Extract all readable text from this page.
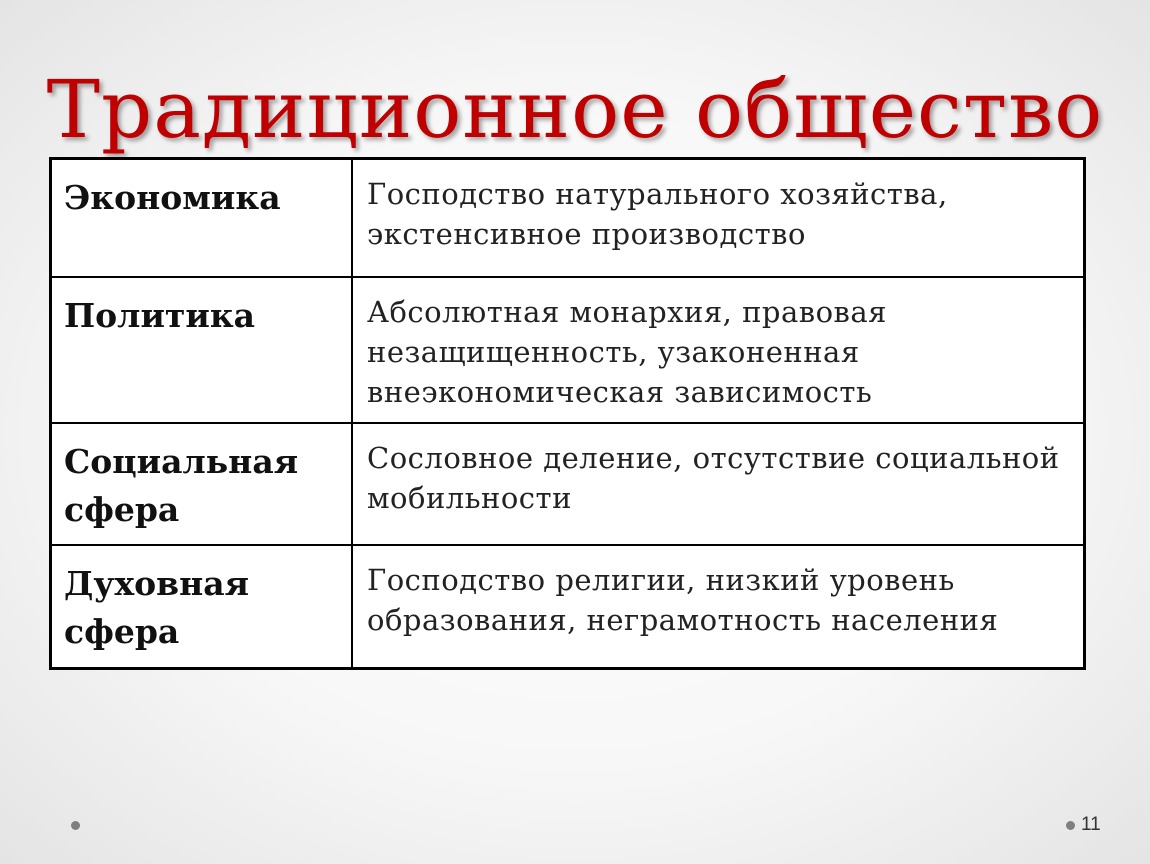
Традиционное общество
Экономика	Господство натурального хозяйства, экстенсивное производство
Политика	Абсолютная монархия, правовая незащищенность, узаконенная внеэкономическая зависимость
Социальная сфера	Сословное деление, отсутствие социальной мобильности
Духовная сфера	Господство религии, низкий уровень образования, неграмотность населения
11
